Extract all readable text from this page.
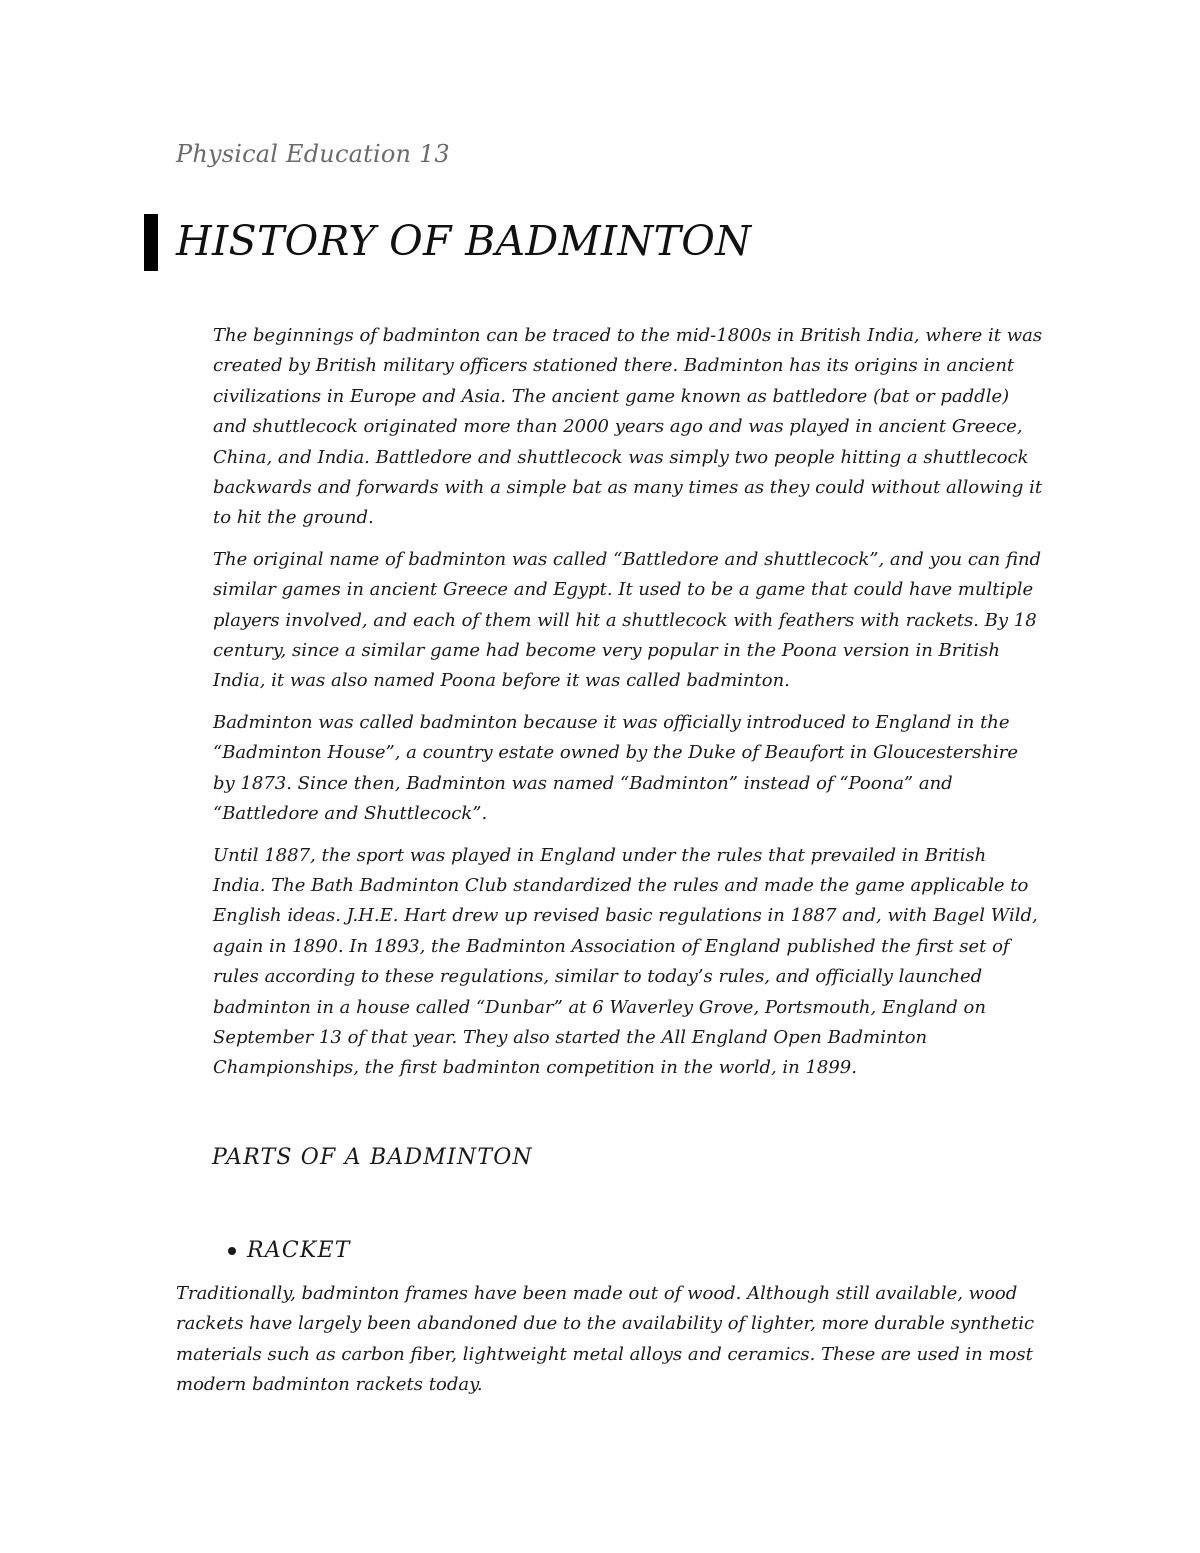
Physical Education 13
HISTORY OF BADMINTON

The beginnings of badminton can be traced to the mid-1800s in British India, where it was created by British military officers stationed there. Badminton has its origins in ancient civilizations in Europe and Asia. The ancient game known as battledore (bat or paddle) and shuttlecock originated more than 2000 years ago and was played in ancient Greece, China, and India. Battledore and shuttlecock was simply two people hitting a shuttlecock backwards and forwards with a simple bat as many times as they could without allowing it to hit the ground.

The original name of badminton was called “Battledore and shuttlecock”, and you can find similar games in ancient Greece and Egypt. It used to be a game that could have multiple players involved, and each of them will hit a shuttlecock with feathers with rackets. By 18 century, since a similar game had become very popular in the Poona version in British India, it was also named Poona before it was called badminton.

Badminton was called badminton because it was officially introduced to England in the “Badminton House”, a country estate owned by the Duke of Beaufort in Gloucestershire by 1873. Since then, Badminton was named “Badminton” instead of “Poona” and “Battledore and Shuttlecock”.

Until 1887, the sport was played in England under the rules that prevailed in British India. The Bath Badminton Club standardized the rules and made the game applicable to English ideas. J.H.E. Hart drew up revised basic regulations in 1887 and, with Bagel Wild, again in 1890. In 1893, the Badminton Association of England published the first set of rules according to these regulations, similar to today’s rules, and officially launched badminton in a house called “Dunbar” at 6 Waverley Grove, Portsmouth, England on September 13 of that year. They also started the All England Open Badminton Championships, the first badminton competition in the world, in 1899.

PARTS OF A BADMINTON
RACKET

Traditionally, badminton frames have been made out of wood. Although still available, wood rackets have largely been abandoned due to the availability of lighter, more durable synthetic materials such as carbon fiber, lightweight metal alloys and ceramics. These are used in most modern badminton rackets today.
